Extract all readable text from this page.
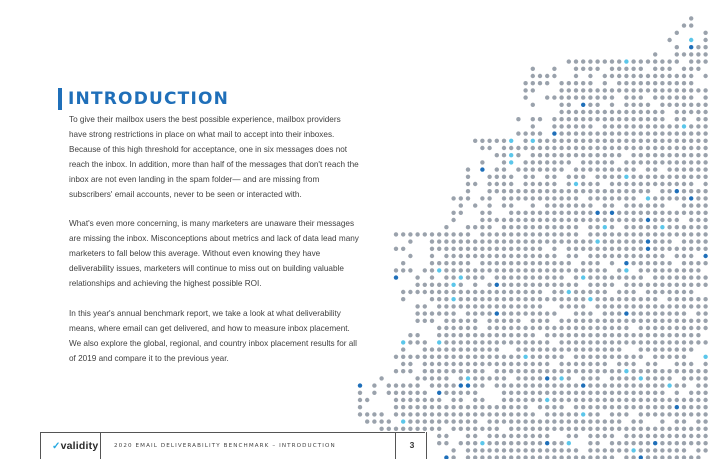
INTRODUCTION

To give their mailbox users the best possible experience, mailbox providers have strong restrictions in place on what mail to accept into their inboxes. Because of this high threshold for acceptance, one in six messages does not reach the inbox. In addition, more than half of the messages that don't reach the inbox are not even landing in the spam folder— and are missing from subscribers' email accounts, never to be seen or interacted with.

What's even more concerning, is many marketers are unaware their messages are missing the inbox. Misconceptions about metrics and lack of data lead many marketers to fall below this average. Without even knowing they have deliverability issues, marketers will continue to miss out on building valuable relationships and achieving the highest possible ROI.

In this year's annual benchmark report, we take a look at what deliverability means, where email can get delivered, and how to measure inbox placement. We also explore the global, regional, and country inbox placement results for all of 2019 and compare it to the previous year.

✓validity	2020 EMAIL DELIVERABILITY BENCHMARK – INTRODUCTION	3
